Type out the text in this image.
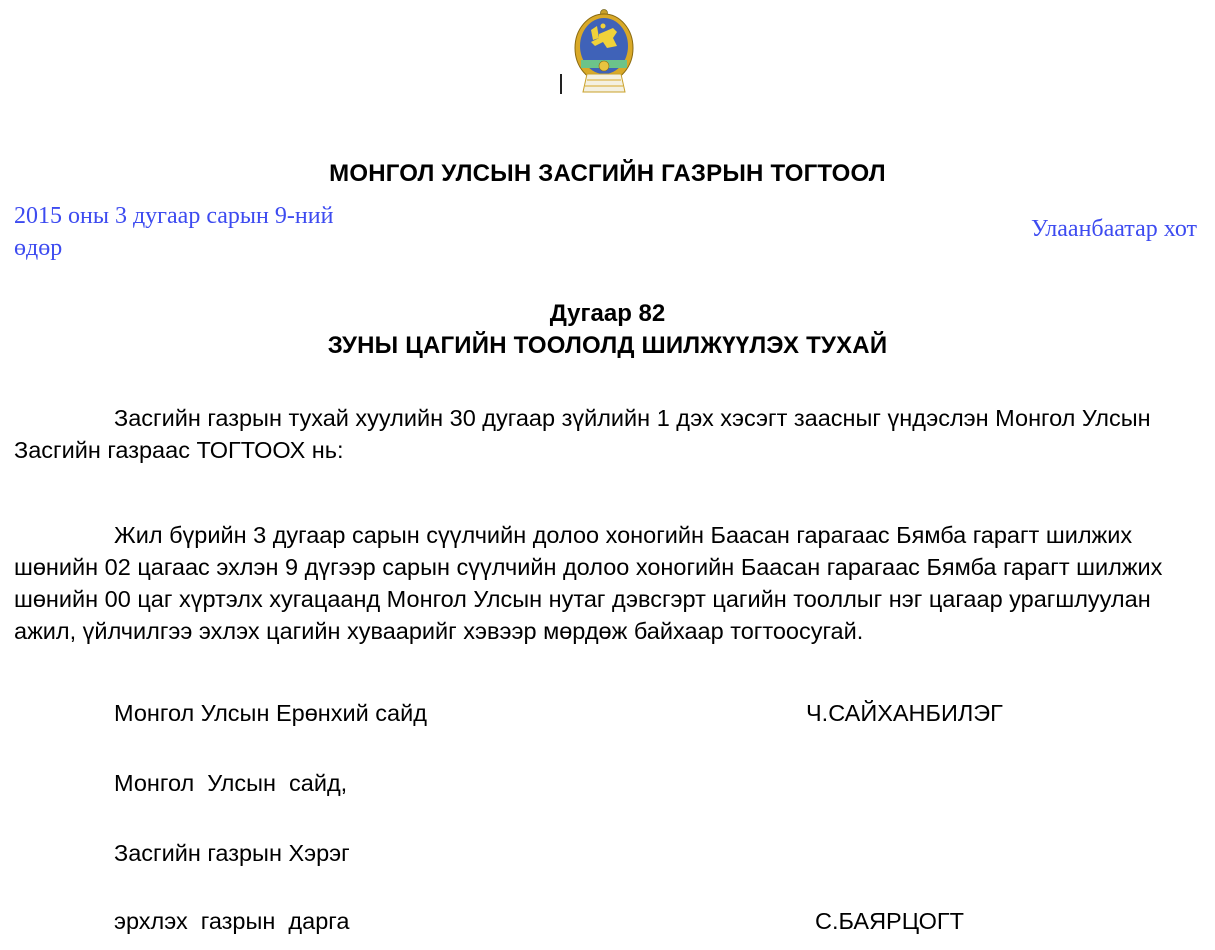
МОНГОЛ УЛСЫН ЗАСГИЙН ГАЗРЫН ТОГТООЛ
2015 оны 3 дугаар сарын 9-ний
өдөр
Улаанбаатар хот
Дугаар 82
ЗУНЫ ЦАГИЙН ТООЛОЛД ШИЛЖҮҮЛЭХ ТУХАЙ
Засгийн газрын тухай хуулийн 30 дугаар зүйлийн 1 дэх хэсэгт заасныг үндэслэн Монгол Улсын Засгийн газраас ТОГТООХ нь:
Жил бүрийн 3 дугаар сарын сүүлчийн долоо хоногийн Баасан гарагаас Бямба гарагт шилжих шөнийн 02 цагаас эхлэн 9 дүгээр сарын сүүлчийн долоо хоногийн Баасан гарагаас Бямба гарагт шилжих шөнийн 00 цаг хүртэлх хугацаанд Монгол Улсын нутаг дэвсгэрт цагийн тооллыг нэг цагаар урагшлуулан ажил, үйлчилгээ эхлэх цагийн хуваарийг хэвээр мөрдөж байхаар тогтоосугай.
Монгол Улсын Ерөнхий сайд	Ч.САЙХАНБИЛЭГ
Монгол  Улсын  сайд,
Засгийн газрын Хэрэг
эрхлэх  газрын  дарга	С.БАЯРЦОГТ
